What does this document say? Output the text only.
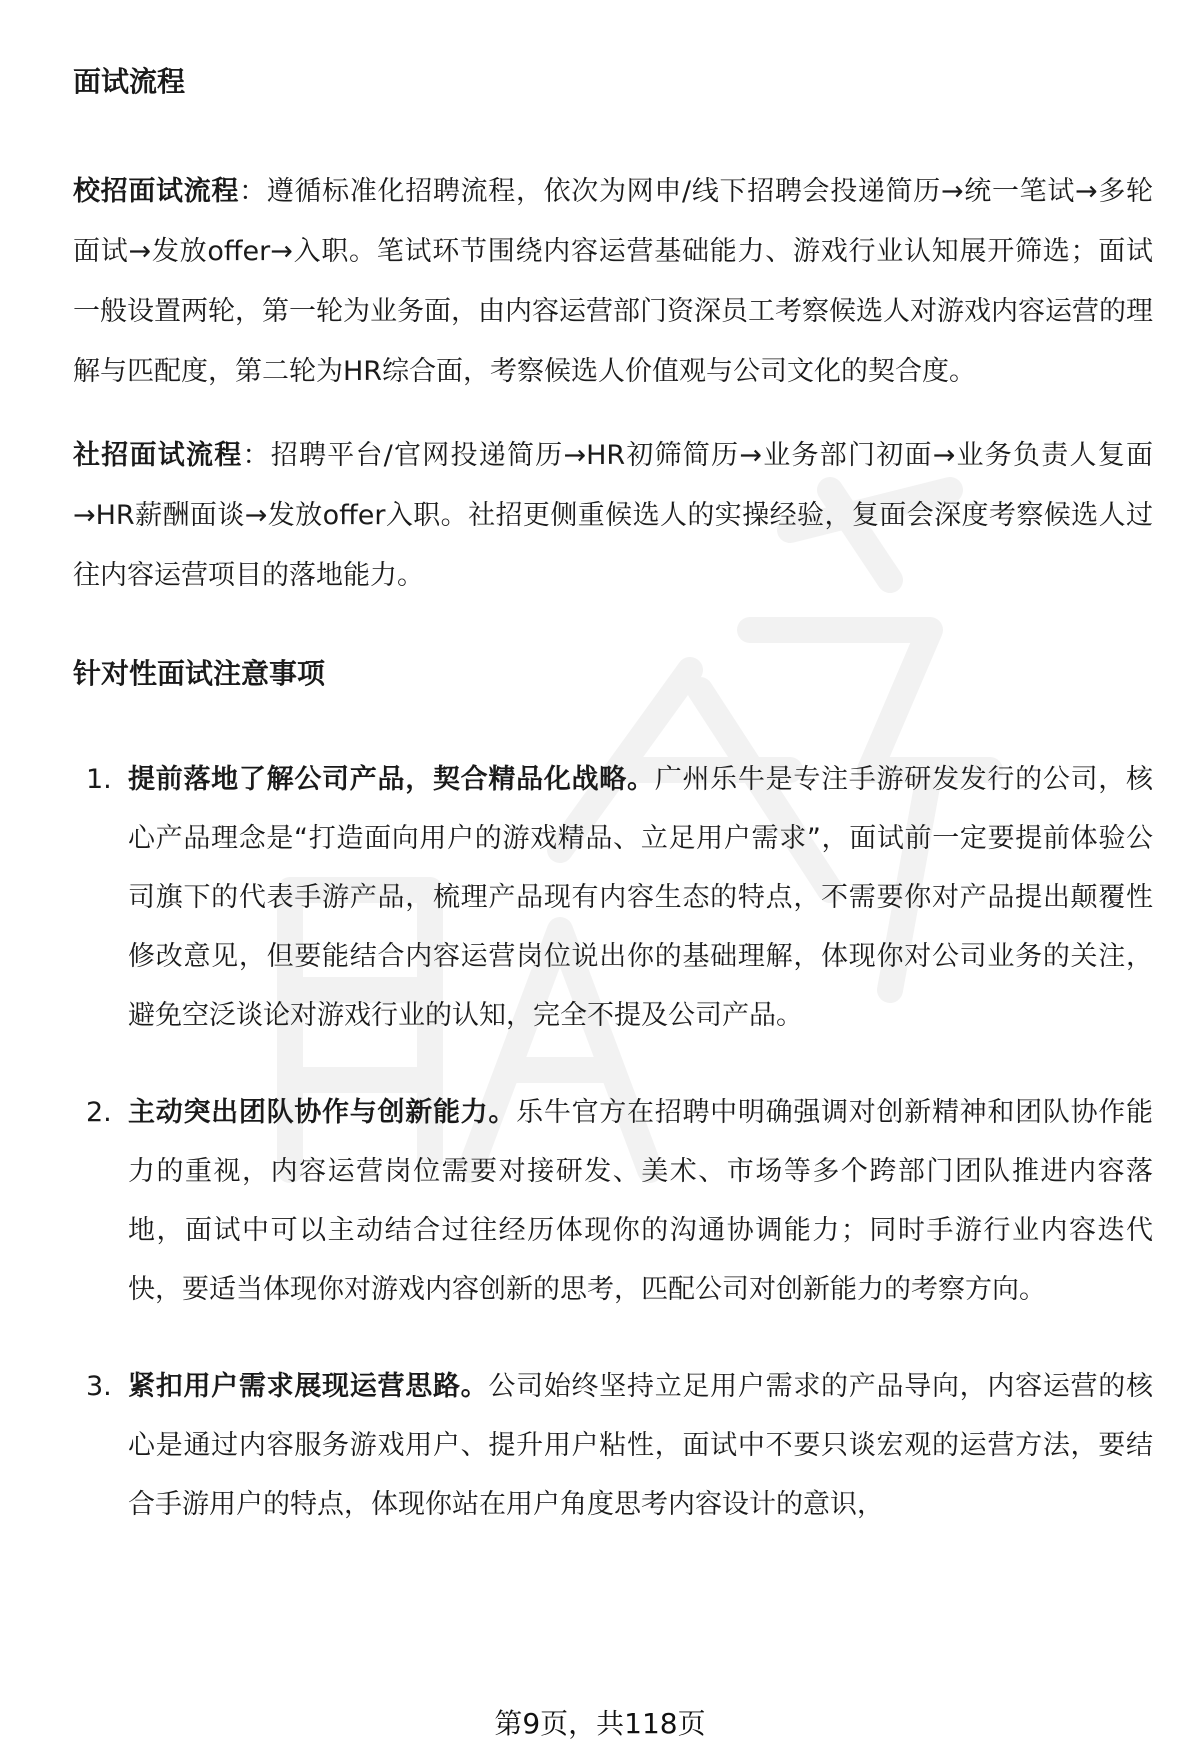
面试流程

校招面试流程：遵循标准化招聘流程，依次为网申/线下招聘会投递简历→统一笔试→多轮面试→发放offer→入职。笔试环节围绕内容运营基础能力、游戏行业认知展开筛选；面试一般设置两轮，第一轮为业务面，由内容运营部门资深员工考察候选人对游戏内容运营的理解与匹配度，第二轮为HR综合面，考察候选人价值观与公司文化的契合度。

社招面试流程：招聘平台/官网投递简历→HR初筛简历→业务部门初面→业务负责人复面→HR薪酬面谈→发放offer入职。社招更侧重候选人的实操经验，复面会深度考察候选人过往内容运营项目的落地能力。

针对性面试注意事项

1. 提前落地了解公司产品，契合精品化战略。广州乐牛是专注手游研发发行的公司，核心产品理念是“打造面向用户的游戏精品、立足用户需求”，面试前一定要提前体验公司旗下的代表手游产品，梳理产品现有内容生态的特点，不需要你对产品提出颠覆性修改意见，但要能结合内容运营岗位说出你的基础理解，体现你对公司业务的关注，避免空泛谈论对游戏行业的认知，完全不提及公司产品。
2. 主动突出团队协作与创新能力。乐牛官方在招聘中明确强调对创新精神和团队协作能力的重视，内容运营岗位需要对接研发、美术、市场等多个跨部门团队推进内容落地，面试中可以主动结合过往经历体现你的沟通协调能力；同时手游行业内容迭代快，要适当体现你对游戏内容创新的思考，匹配公司对创新能力的考察方向。
3. 紧扣用户需求展现运营思路。公司始终坚持立足用户需求的产品导向，内容运营的核心是通过内容服务游戏用户、提升用户粘性，面试中不要只谈宏观的运营方法，要结合手游用户的特点，体现你站在用户角度思考内容设计的意识，
第9页，共118页
